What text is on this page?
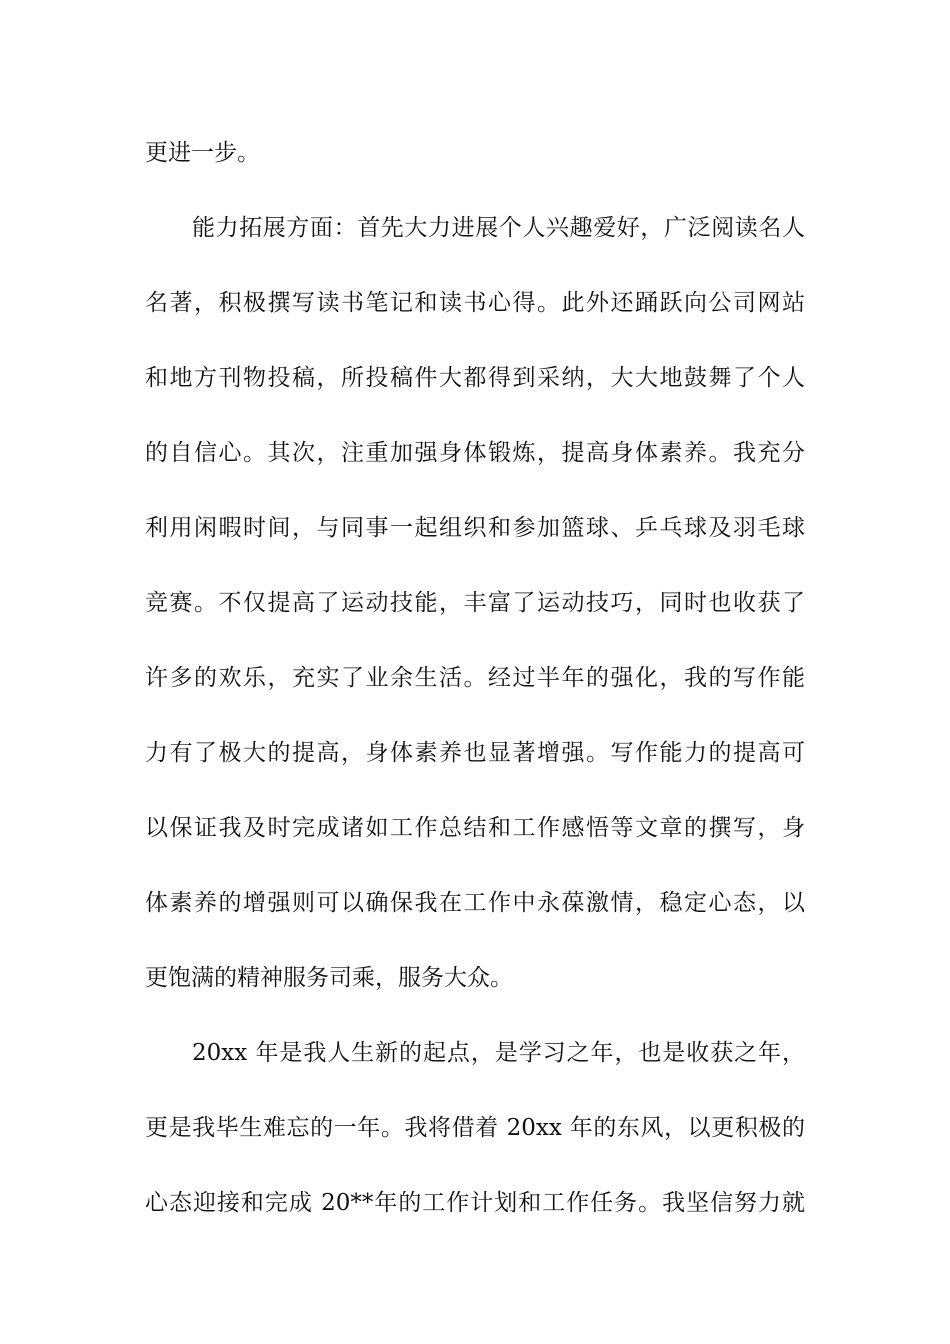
更进一步。
能力拓展方面：首先大力进展个人兴趣爱好，广泛阅读名人
名著，积极撰写读书笔记和读书心得。此外还踊跃向公司网站
和地方刊物投稿，所投稿件大都得到采纳，大大地鼓舞了个人
的自信心。其次，注重加强身体锻炼，提高身体素养。我充分
利用闲暇时间，与同事一起组织和参加篮球、乒乓球及羽毛球
竞赛。不仅提高了运动技能，丰富了运动技巧，同时也收获了
许多的欢乐，充实了业余生活。经过半年的强化，我的写作能
力有了极大的提高，身体素养也显著增强。写作能力的提高可
以保证我及时完成诸如工作总结和工作感悟等文章的撰写，身
体素养的增强则可以确保我在工作中永葆激情，稳定心态，以
更饱满的精神服务司乘，服务大众。
20xx 年是我人生新的起点，是学习之年，也是收获之年，
更是我毕生难忘的一年。我将借着 20xx 年的东风，以更积极的
心态迎接和完成 20**年的工作计划和工作任务。我坚信努力就
